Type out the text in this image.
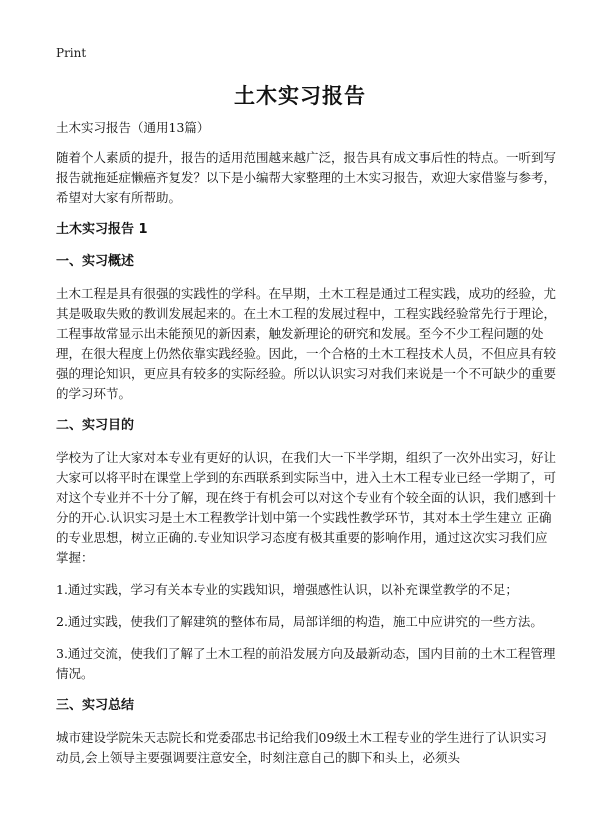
Print
土木实习报告

土木实习报告（通用13篇）

随着个人素质的提升，报告的适用范围越来越广泛，报告具有成文事后性的特点。一听到写报告就拖延症懒癌齐复发？以下是小编帮大家整理的土木实习报告，欢迎大家借鉴与参考，希望对大家有所帮助。

土木实习报告 1
一、实习概述

土木工程是具有很强的实践性的学科。在早期，土木工程是通过工程实践，成功的经验，尤其是吸取失败的教训发展起来的。在土木工程的发展过程中，工程实践经验常先行于理论，工程事故常显示出未能预见的新因素，触发新理论的研究和发展。至今不少工程问题的处理，在很大程度上仍然依靠实践经验。因此，一个合格的土木工程技术人员，不但应具有较强的理论知识，更应具有较多的实际经验。所以认识实习对我们来说是一个不可缺少的重要的学习环节。

二、实习目的

学校为了让大家对本专业有更好的认识，在我们大一下半学期，组织了一次外出实习，好让大家可以将平时在课堂上学到的东西联系到实际当中，进入土木工程专业已经一学期了，可对这个专业并不十分了解，现在终于有机会可以对这个专业有个较全面的认识，我们感到十分的开心.认识实习是土木工程教学计划中第一个实践性教学环节，其对本土学生建立 正确的专业思想，树立正确的.专业知识学习态度有极其重要的影响作用，通过这次实习我们应掌握：

1.通过实践，学习有关本专业的实践知识，增强感性认识，以补充课堂教学的不足；

2.通过实践，使我们了解建筑的整体布局，局部详细的构造，施工中应讲究的一些方法。

3.通过交流，使我们了解了土木工程的前沿发展方向及最新动态，国内目前的土木工程管理情况。

三、实习总结

城市建设学院朱天志院长和党委邵忠书记给我们09级土木工程专业的学生进行了认识实习动员,会上领导主要强调要注意安全，时刻注意自己的脚下和头上，必须头
